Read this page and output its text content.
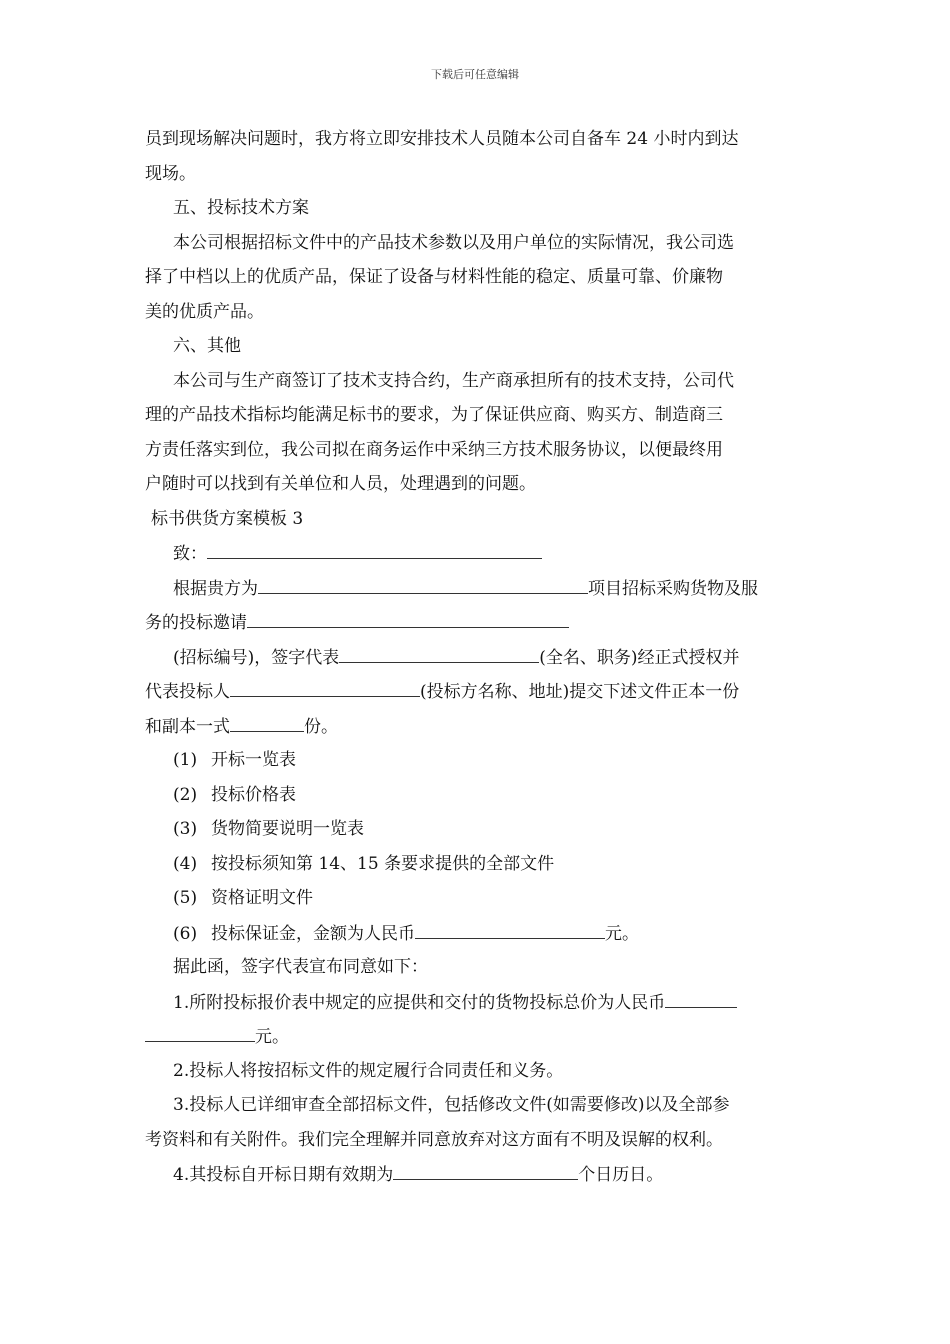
下载后可任意编辑
员到现场解决问题时，我方将立即安排技术人员随本公司自备车 24 小时内到达
现场。
五、投标技术方案
本公司根据招标文件中的产品技术参数以及用户单位的实际情况，我公司选
择了中档以上的优质产品，保证了设备与材料性能的稳定、质量可靠、价廉物
美的优质产品。
六、其他
本公司与生产商签订了技术支持合约，生产商承担所有的技术支持，公司代
理的产品技术指标均能满足标书的要求，为了保证供应商、购买方、制造商三
方责任落实到位，我公司拟在商务运作中采纳三方技术服务协议，以便最终用
户随时可以找到有关单位和人员，处理遇到的问题。
标书供货方案模板 3
致：
根据贵方为	项目招标采购货物及服
务的投标邀请
(招标编号)，签字代表	(全名、职务)经正式授权并
代表投标人	(投标方名称、地址)提交下述文件正本一份
和副本一式	份。
(1) 开标一览表
(2) 投标价格表
(3) 货物简要说明一览表
(4) 按投标须知第 14、15 条要求提供的全部文件
(5) 资格证明文件
(6) 投标保证金，金额为人民币	元。
据此函，签字代表宣布同意如下：
1.所附投标报价表中规定的应提供和交付的货物投标总价为人民币
元。
2.投标人将按招标文件的规定履行合同责任和义务。
3.投标人已详细审查全部招标文件，包括修改文件(如需要修改)以及全部参
考资料和有关附件。我们完全理解并同意放弃对这方面有不明及误解的权利。
4.其投标自开标日期有效期为	个日历日。
